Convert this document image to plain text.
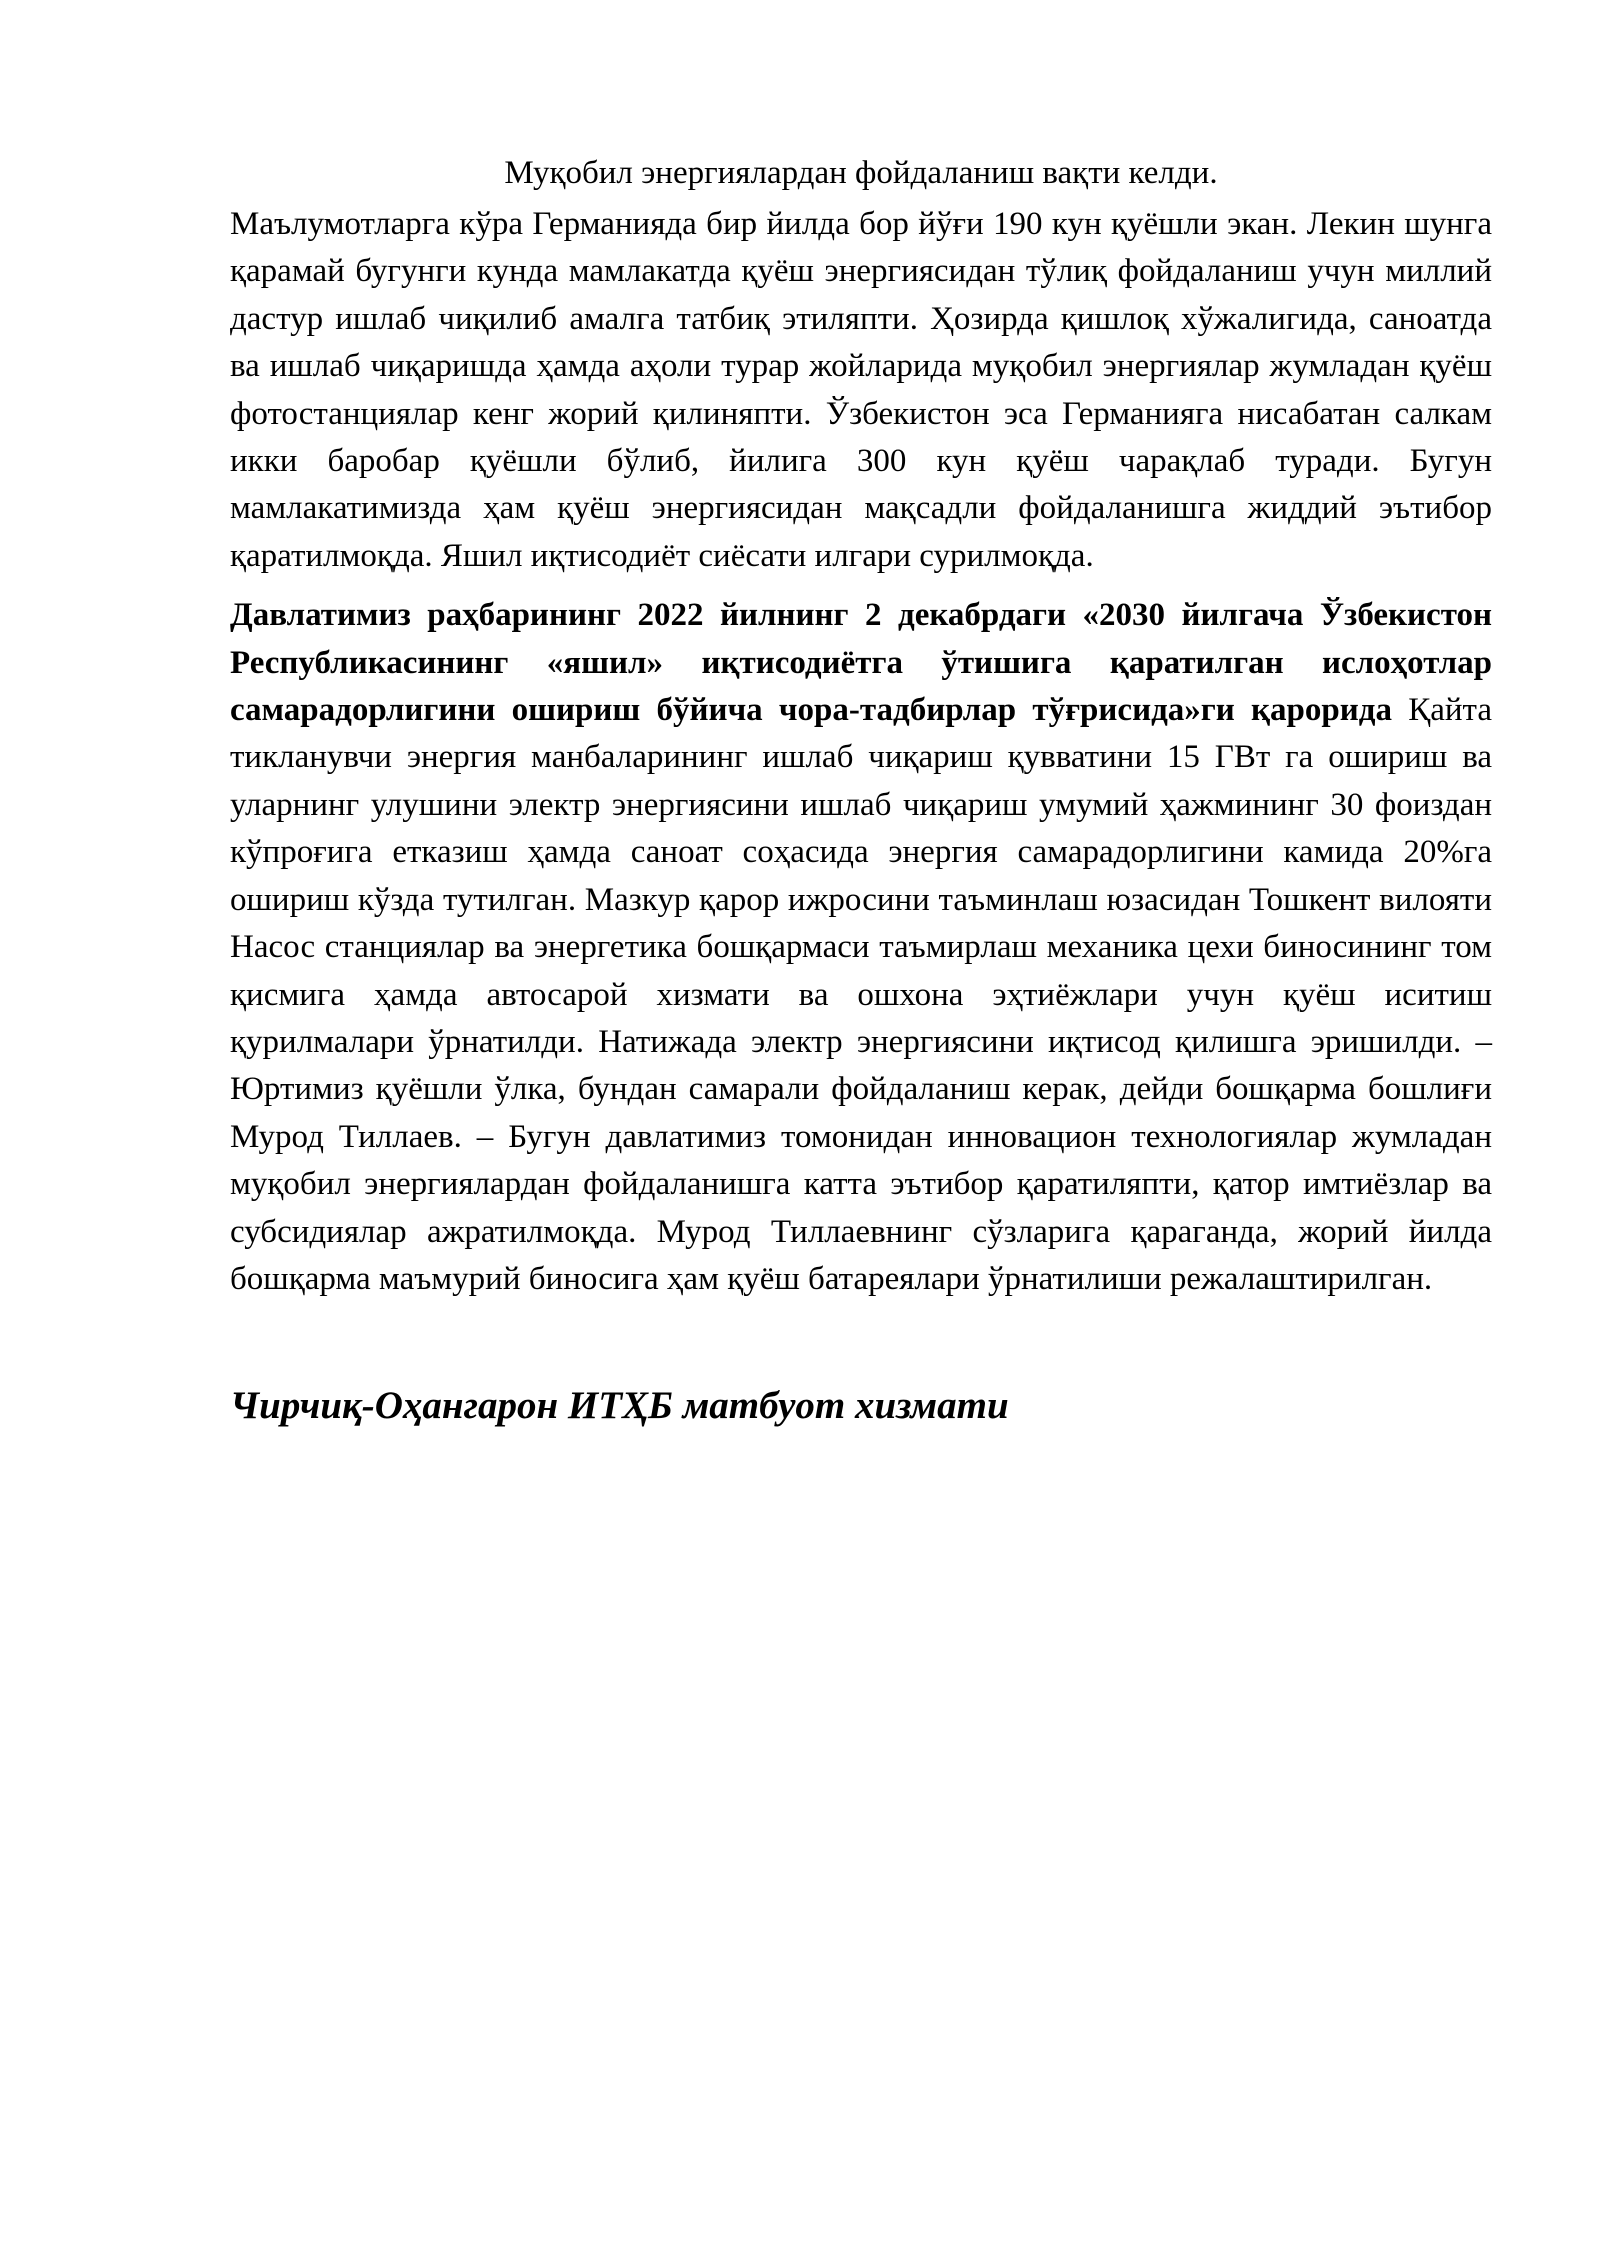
Муқобил энергиялардан фойдаланиш вақти келди.

Маълумотларга кўра Германияда бир йилда бор йўғи 190 кун қуёшли экан. Лекин шунга қарамай бугунги кунда мамлакатда қуёш энергиясидан тўлиқ фойдаланиш учун миллий дастур ишлаб чиқилиб амалга татбиқ этиляпти. Ҳозирда қишлоқ хўжалигида, саноатда ва ишлаб чиқаришда ҳамда аҳоли турар жойларида муқобил энергиялар жумладан қуёш фотостанциялар кенг жорий қилиняпти. Ўзбекистон эса Германияга нисабатан салкам икки баробар қуёшли бўлиб, йилига 300 кун қуёш чарақлаб туради. Бугун мамлакатимизда ҳам қуёш энергиясидан мақсадли фойдаланишга жиддий эътибор қаратилмоқда. Яшил иқтисодиёт сиёсати илгари сурилмоқда.

Давлатимиз раҳбарининг 2022 йилнинг 2 декабрдаги «2030 йилгача Ўзбекистон Республикасининг «яшил» иқтисодиётга ўтишига қаратилган ислоҳотлар самарадорлигини ошириш бўйича чора-тадбирлар тўғрисида»ги қарорида Қайта тикланувчи энергия манбаларининг ишлаб чиқариш қувватини 15 ГВт га ошириш ва уларнинг улушини электр энергиясини ишлаб чиқариш умумий ҳажмининг 30 фоиздан кўпроғига етказиш ҳамда саноат соҳасида энергия самарадорлигини камида 20%га ошириш кўзда тутилган. Мазкур қарор ижросини таъминлаш юзасидан Тошкент вилояти Насос станциялар ва энергетика бошқармаси таъмирлаш механика цехи биносининг том қисмига ҳамда автосарой хизмати ва ошхона эҳтиёжлари учун қуёш иситиш қурилмалари ўрнатилди. Натижада электр энергиясини иқтисод қилишга эришилди. – Юртимиз қуёшли ўлка, бундан самарали фойдаланиш керак, дейди бошқарма бошлиғи Мурод Тиллаев. – Бугун давлатимиз томонидан инновацион технологиялар жумладан муқобил энергиялардан фойдаланишга катта эътибор қаратиляпти, қатор имтиёзлар ва субсидиялар ажратилмоқда. Мурод Тиллаевнинг сўзларига қараганда, жорий йилда бошқарма маъмурий биносига ҳам қуёш батареялари ўрнатилиши режалаштирилган.

Чирчиқ-Оҳангарон ИТҲБ матбуот хизмати
